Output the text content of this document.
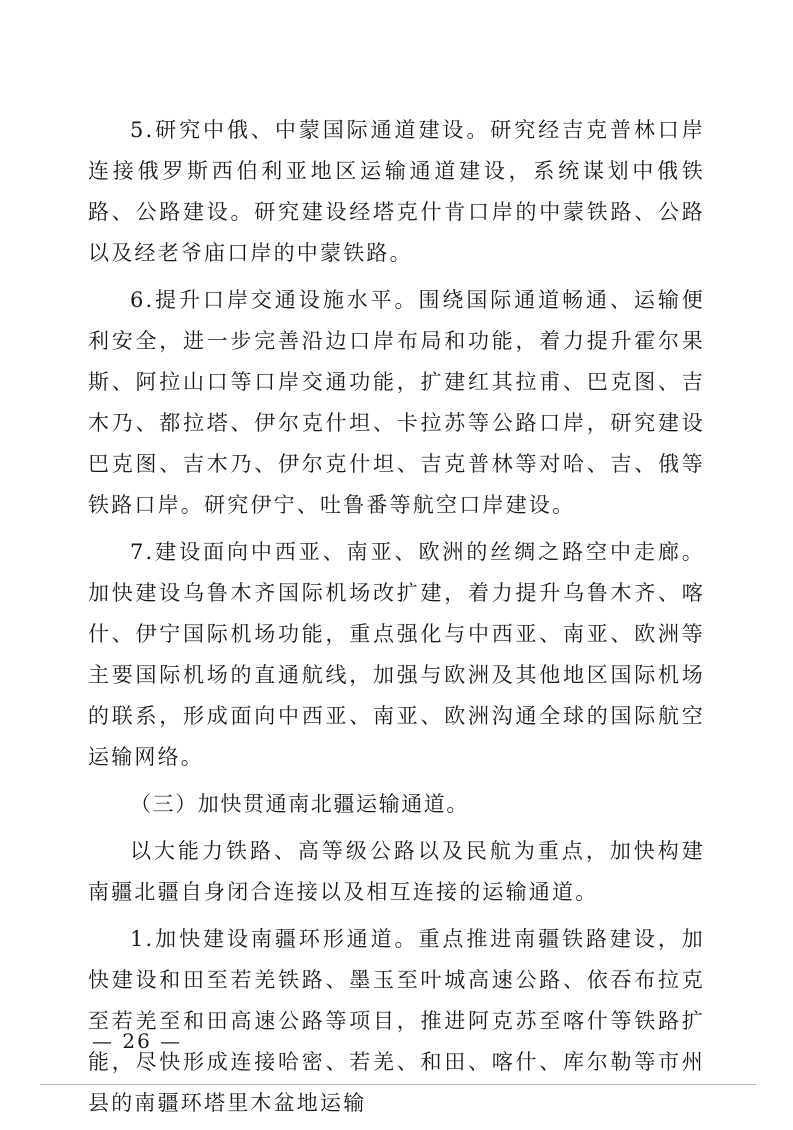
5.研究中俄、中蒙国际通道建设。研究经吉克普林口岸连接俄罗斯西伯利亚地区运输通道建设，系统谋划中俄铁路、公路建设。研究建设经塔克什肯口岸的中蒙铁路、公路以及经老爷庙口岸的中蒙铁路。

6.提升口岸交通设施水平。围绕国际通道畅通、运输便利安全，进一步完善沿边口岸布局和功能，着力提升霍尔果斯、阿拉山口等口岸交通功能，扩建红其拉甫、巴克图、吉木乃、都拉塔、伊尔克什坦、卡拉苏等公路口岸，研究建设巴克图、吉木乃、伊尔克什坦、吉克普林等对哈、吉、俄等铁路口岸。研究伊宁、吐鲁番等航空口岸建设。

7.建设面向中西亚、南亚、欧洲的丝绸之路空中走廊。加快建设乌鲁木齐国际机场改扩建，着力提升乌鲁木齐、喀什、伊宁国际机场功能，重点强化与中西亚、南亚、欧洲等主要国际机场的直通航线，加强与欧洲及其他地区国际机场的联系，形成面向中西亚、南亚、欧洲沟通全球的国际航空运输网络。

（三）加快贯通南北疆运输通道。

以大能力铁路、高等级公路以及民航为重点，加快构建南疆北疆自身闭合连接以及相互连接的运输通道。

1.加快建设南疆环形通道。重点推进南疆铁路建设，加快建设和田至若羌铁路、墨玉至叶城高速公路、依吞布拉克至若羌至和田高速公路等项目，推进阿克苏至喀什等铁路扩能，尽快形成连接哈密、若羌、和田、喀什、库尔勒等市州县的南疆环塔里木盆地运输

— 26 —
